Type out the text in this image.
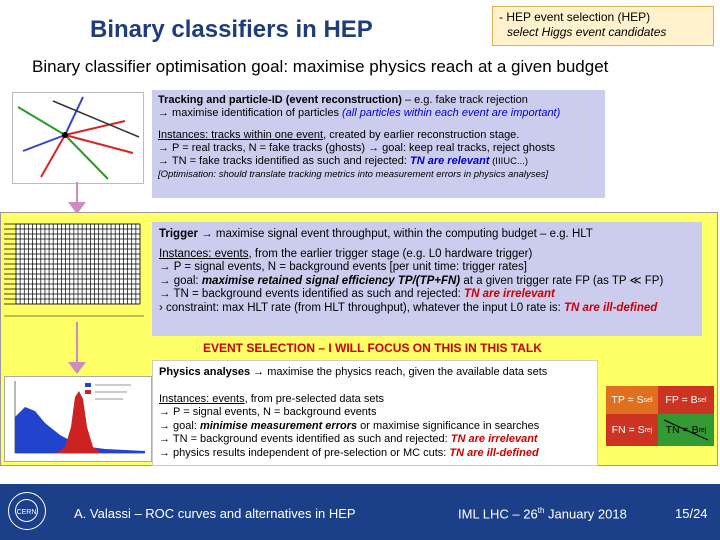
Binary classifiers in HEP	- HEP event selection (HEP)
select Higgs event candidates
Binary classifier optimisation goal: maximise physics reach at a given budget
Tracking and particle-ID (event reconstruction) – e.g. fake track rejection
→ maximise identification of particles (all particles within each event are important)
Instances: tracks within one event, created by earlier reconstruction stage.
→ P = real tracks, N = fake tracks (ghosts) → goal: keep real tracks, reject ghosts
→ TN = fake tracks identified as such and rejected: TN are relevant (IIIUC...)
[Optimisation: should translate tracking metrics into measurement errors in physics analyses]
Trigger → maximise signal event throughput, within the computing budget – e.g. HLT
Instances: events, from the earlier trigger stage (e.g. L0 hardware trigger)
→ P = signal events, N = background events [per unit time: trigger rates]
→ goal: maximise retained signal efficiency TP/(TP+FN) at a given trigger rate FP (as TP ≪ FP)
→ TN = background events identified as such and rejected: TN are irrelevant
› constraint: max HLT rate (from HLT throughput), whatever the input L0 rate is: TN are ill-defined
EVENT SELECTION – I WILL FOCUS ON THIS IN THIS TALK
Physics analyses → maximise the physics reach, given the available data sets
Instances: events, from pre-selected data sets
→ P = signal events, N = background events
→ goal: minimise measurement errors or maximise significance in searches
→ TN = background events identified as such and rejected: TN are irrelevant
→ physics results independent of pre-selection or MC cuts: TN are ill-defined
TP = S sel FP = B sel
FN = S rej TN = B rej
CERN	A. Valassi – ROC curves and alternatives in HEP	IML LHC – 26th January 2018	15/24
